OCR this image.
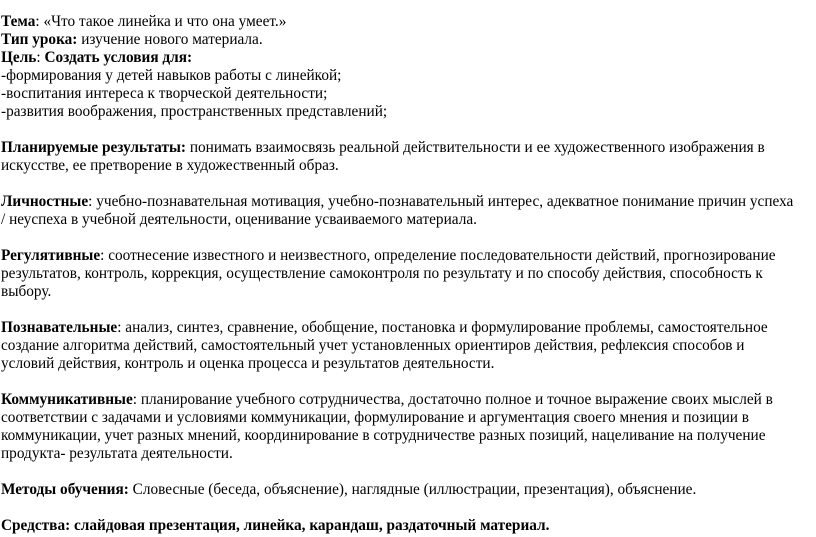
Тема: «Что такое линейка и что она умеет.»
Тип урока: изучение нового материала.
Цель: Создать условия для:
-формирования у детей навыков работы с линейкой;
-воспитания интереса к творческой деятельности;
-развития воображения, пространственных представлений;
Планируемые результаты: понимать взаимосвязь реальной действительности и ее художественного изображения в
искусстве, ее претворение в художественный образ.
Личностные: учебно-познавательная мотивация, учебно-познавательный интерес, адекватное понимание причин успеха
/ неуспеха в учебной деятельности, оценивание усваиваемого материала.
Регулятивные: соотнесение известного и неизвестного, определение последовательности действий, прогнозирование
результатов, контроль, коррекция, осуществление самоконтроля по результату и по способу действия, способность к
выбору.
Познавательные: анализ, синтез, сравнение, обобщение, постановка и формулирование проблемы, самостоятельное
создание алгоритма действий, самостоятельный учет установленных ориентиров действия, рефлексия способов и
условий действия, контроль и оценка процесса и результатов деятельности.
Коммуникативные: планирование учебного сотрудничества, достаточно полное и точное выражение своих мыслей в
соответствии с задачами и условиями коммуникации, формулирование и аргументация своего мнения и позиции в
коммуникации, учет разных мнений, координирование в сотрудничестве разных позиций, нацеливание на получение
продукта- результата деятельности.
Методы обучения: Словесные (беседа, объяснение), наглядные (иллюстрации, презентация), объяснение.
Средства: слайдовая презентация, линейка, карандаш, раздаточный материал.
